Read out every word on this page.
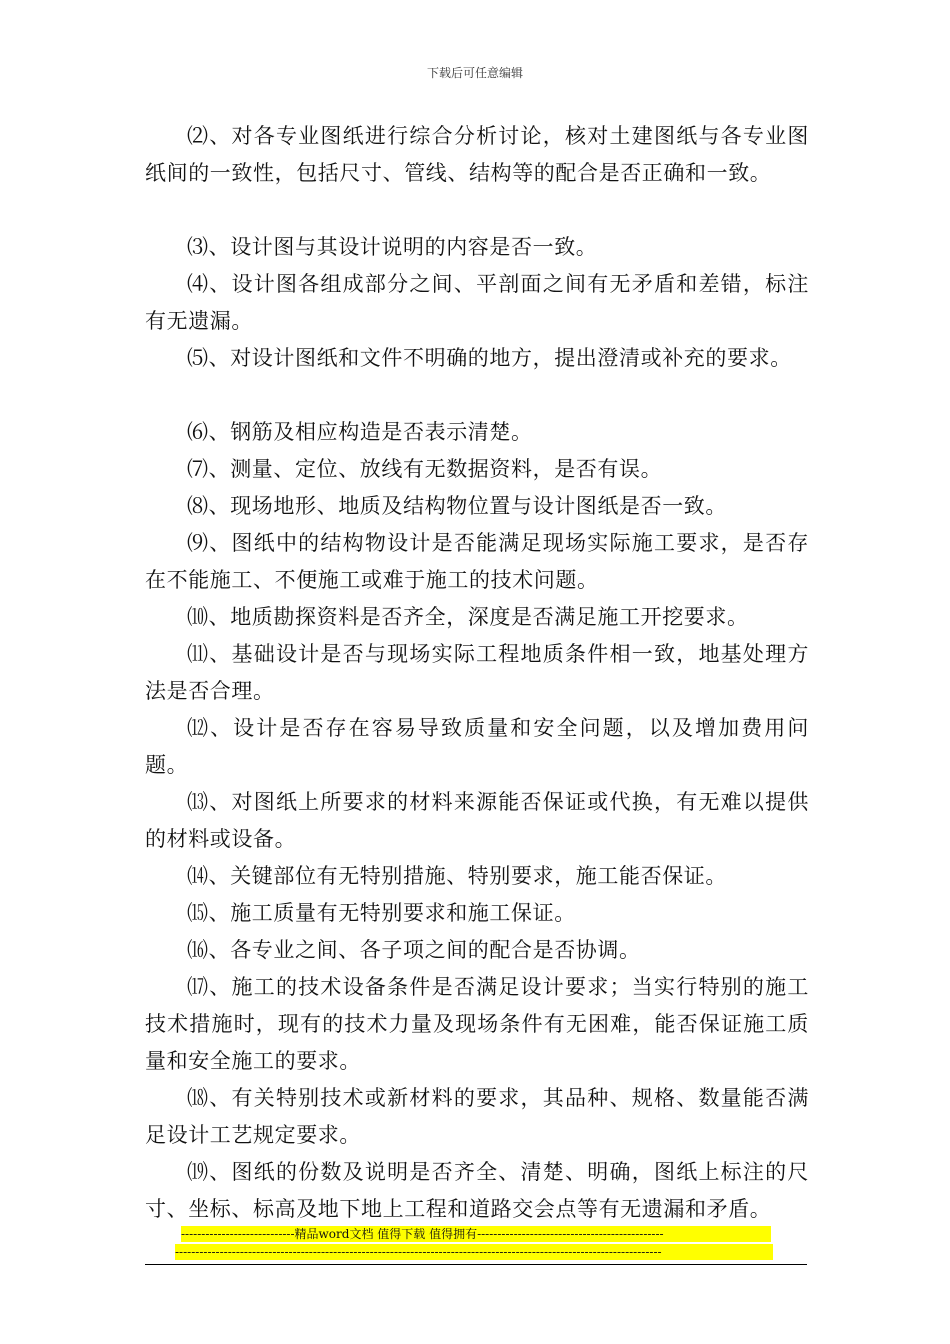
下载后可任意编辑

⑵、对各专业图纸进行综合分析讨论，核对土建图纸与各专业图纸间的一致性，包括尺寸、管线、结构等的配合是否正确和一致。

⑶、设计图与其设计说明的内容是否一致。

⑷、设计图各组成部分之间、平剖面之间有无矛盾和差错，标注有无遗漏。

⑸、对设计图纸和文件不明确的地方，提出澄清或补充的要求。

⑹、钢筋及相应构造是否表示清楚。

⑺、测量、定位、放线有无数据资料，是否有误。

⑻、现场地形、地质及结构物位置与设计图纸是否一致。

⑼、图纸中的结构物设计是否能满足现场实际施工要求，是否存在不能施工、不便施工或难于施工的技术问题。

⑽、地质勘探资料是否齐全，深度是否满足施工开挖要求。

⑾、基础设计是否与现场实际工程地质条件相一致，地基处理方法是否合理。

⑿、设计是否存在容易导致质量和安全问题，以及增加费用问题。

⒀、对图纸上所要求的材料来源能否保证或代换，有无难以提供的材料或设备。

⒁、关键部位有无特别措施、特别要求，施工能否保证。

⒂、施工质量有无特别要求和施工保证。

⒃、各专业之间、各子项之间的配合是否协调。

⒄、施工的技术设备条件是否满足设计要求；当实行特别的施工技术措施时，现有的技术力量及现场条件有无困难，能否保证施工质量和安全施工的要求。

⒅、有关特别技术或新材料的要求，其品种、规格、数量能否满足设计工艺规定要求。

⒆、图纸的份数及说明是否齐全、清楚、明确，图纸上标注的尺寸、坐标、标高及地下地上工程和道路交会点等有无遗漏和矛盾。

----------------------------精品word文档 值得下载 值得拥有----------------------------------------------
------------------------------------------------------------------------------------------------------------------------
